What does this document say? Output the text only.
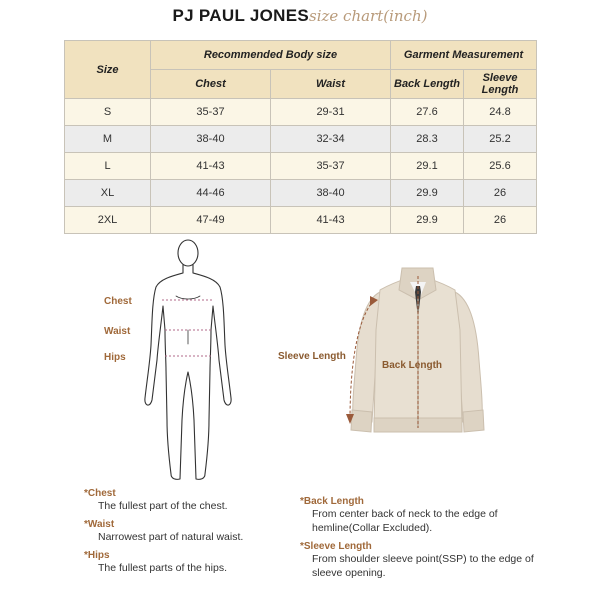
PJ PAUL JONESsize chart(inch)
Size	Recommended Body size		Garment Measurement	
	Chest	Waist	Back Length	Sleeve Length
S	35-37	29-31	27.6	24.8
M	38-40	32-34	28.3	25.2
L	41-43	35-37	29.1	25.6
XL	44-46	38-40	29.9	26
2XL	47-49	41-43	29.9	26
Chest
Waist
Hips	Sleeve Length
Back Length
*Chest
The fullest part of the chest.
*Waist
Narrowest part of natural waist.
*Hips
The fullest parts of the hips.
*Back Length
From center back of neck to the edge of hemline(Collar Excluded).
*Sleeve Length
From shoulder sleeve point(SSP) to the edge of sleeve opening.
